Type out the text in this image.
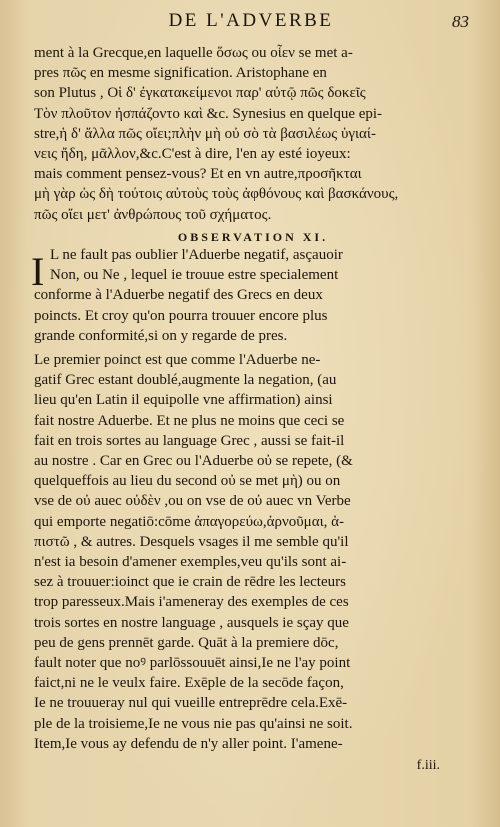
DE L'ADVERBE	83
ment à la Grecque,en laquelle ὅσως ou οἷεν se met a-
pres πῶς en mesme signification. Aristophane en
son Plutus , Οἱ δ' ἐγκατακείμενοι παρ' αὐτῷ πῶς δοκεῖς
Τὸν πλοῦτον ἠσπάζοντο καὶ &c. Synesius en quelque epi-
stre,ἡ δ' ἄλλα πῶς οἴει;πλὴν μὴ οὐ σὸ τὰ βασιλέως ὑγιαί-
νεις ἤδη, μᾶλλον,&c.C'est à dire, l'en ay esté ioyeux:
mais comment pensez-vous? Et en vn autre,πρoσῆκται
μὴ γὰρ ὡς δὴ τούτοις αὐτοὺς τοὺς ἀφθόνους καὶ βασκάνους,
πῶς οἴει μετ' ἀνθρώπους τοῦ σχήματος.
OBSERVATION XI.
L ne fault pas oublier l'Aduerbe negatif, asçauoir
Non, ou Ne , lequel ie trouue estre specialement
conforme à l'Aduerbe negatif des Grecs en deux
poincts. Et croy qu'on pourra trouuer encore plus
grande conformité,si on y regarde de pres.
Le premier poinct est que comme l'Aduerbe ne-
gatif Grec estant doublé,augmente la negation, (au
lieu qu'en Latin il equipolle vne affirmation) ainsi
fait nostre Aduerbe. Et ne plus ne moins que ceci se
fait en trois sortes au language Grec , aussi se fait-il
au nostre . Car en Grec ou l'Aduerbe οὐ se repete, (&
quelqueffois au lieu du second οὐ se met μὴ) ou on
vse de οὐ auec οὐδὲν ,ou on vse de οὐ auec vn Verbe
qui emporte negatiō:cōme ἀπαγορεύω,ἀρνοῦμαι, ἀ-
πιστῶ , & autres. Desquels vsages il me semble qu'il
n'est ia besoin d'amener exemples,veu qu'ils sont ai-
sez à trouuer:ioinct que ie crain de rēdre les lecteurs
trop paresseux.Mais i'ameneray des exemples de ces
trois sortes en nostre language , ausquels ie sçay que
peu de gens prennēt garde. Quāt à la premiere dōc,
fault noter que noꝰ parlōssouuēt ainsi,Ie ne l'ay point
faict,ni ne le veulx faire. Exēple de la secōde façon,
Ie ne trouueray nul qui vueille entreprēdre cela.Exē-
ple de la troisieme,Ie ne vous nie pas qu'ainsi ne soit.
Item,Ie vous ay defendu de n'y aller point. I'amene-
I
f.iii.
